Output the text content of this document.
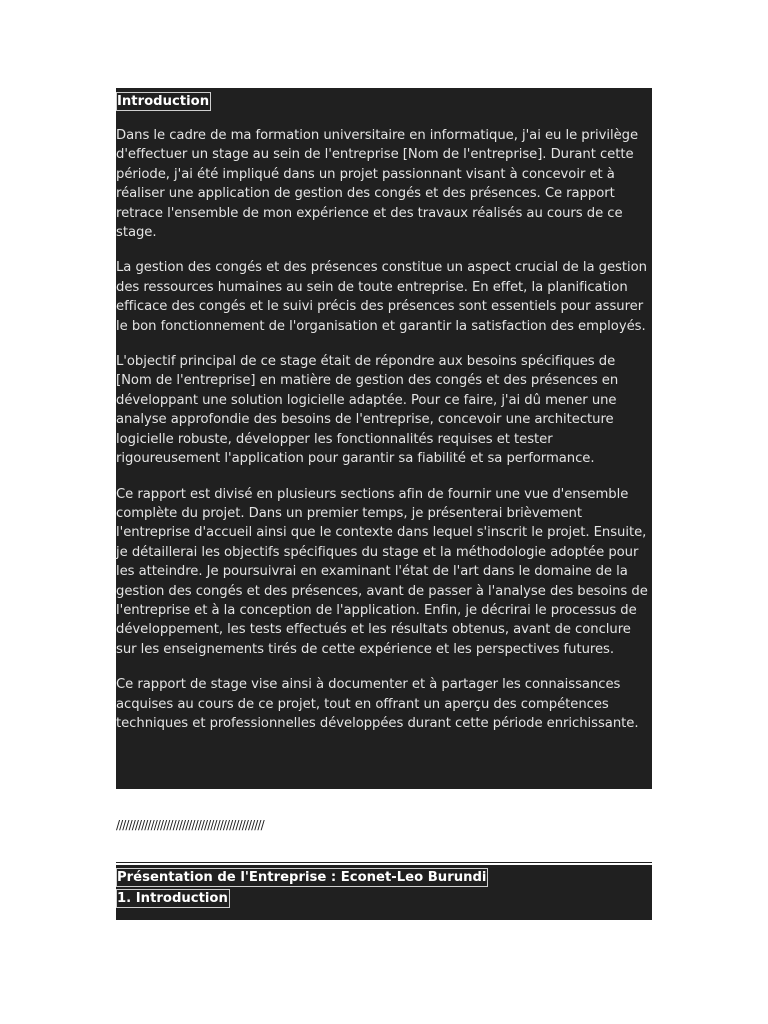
Introduction

Dans le cadre de ma formation universitaire en informatique, j'ai eu le privilège d'effectuer un stage au sein de l'entreprise [Nom de l'entreprise]. Durant cette période, j'ai été impliqué dans un projet passionnant visant à concevoir et à réaliser une application de gestion des congés et des présences. Ce rapport retrace l'ensemble de mon expérience et des travaux réalisés au cours de ce stage.

La gestion des congés et des présences constitue un aspect crucial de la gestion des ressources humaines au sein de toute entreprise. En effet, la planification efficace des congés et le suivi précis des présences sont essentiels pour assurer le bon fonctionnement de l'organisation et garantir la satisfaction des employés.

L'objectif principal de ce stage était de répondre aux besoins spécifiques de [Nom de l'entreprise] en matière de gestion des congés et des présences en développant une solution logicielle adaptée. Pour ce faire, j'ai dû mener une analyse approfondie des besoins de l'entreprise, concevoir une architecture logicielle robuste, développer les fonctionnalités requises et tester rigoureusement l'application pour garantir sa fiabilité et sa performance.

Ce rapport est divisé en plusieurs sections afin de fournir une vue d'ensemble complète du projet. Dans un premier temps, je présenterai brièvement l'entreprise d'accueil ainsi que le contexte dans lequel s'inscrit le projet. Ensuite, je détaillerai les objectifs spécifiques du stage et la méthodologie adoptée pour les atteindre. Je poursuivrai en examinant l'état de l'art dans le domaine de la gestion des congés et des présences, avant de passer à l'analyse des besoins de l'entreprise et à la conception de l'application. Enfin, je décrirai le processus de développement, les tests effectués et les résultats obtenus, avant de conclure sur les enseignements tirés de cette expérience et les perspectives futures.

Ce rapport de stage vise ainsi à documenter et à partager les connaissances acquises au cours de ce projet, tout en offrant un aperçu des compétences techniques et professionnelles développées durant cette période enrichissante.

///////////////////////////////////////////////
Présentation de l'Entreprise : Econet-Leo Burundi
1. Introduction
